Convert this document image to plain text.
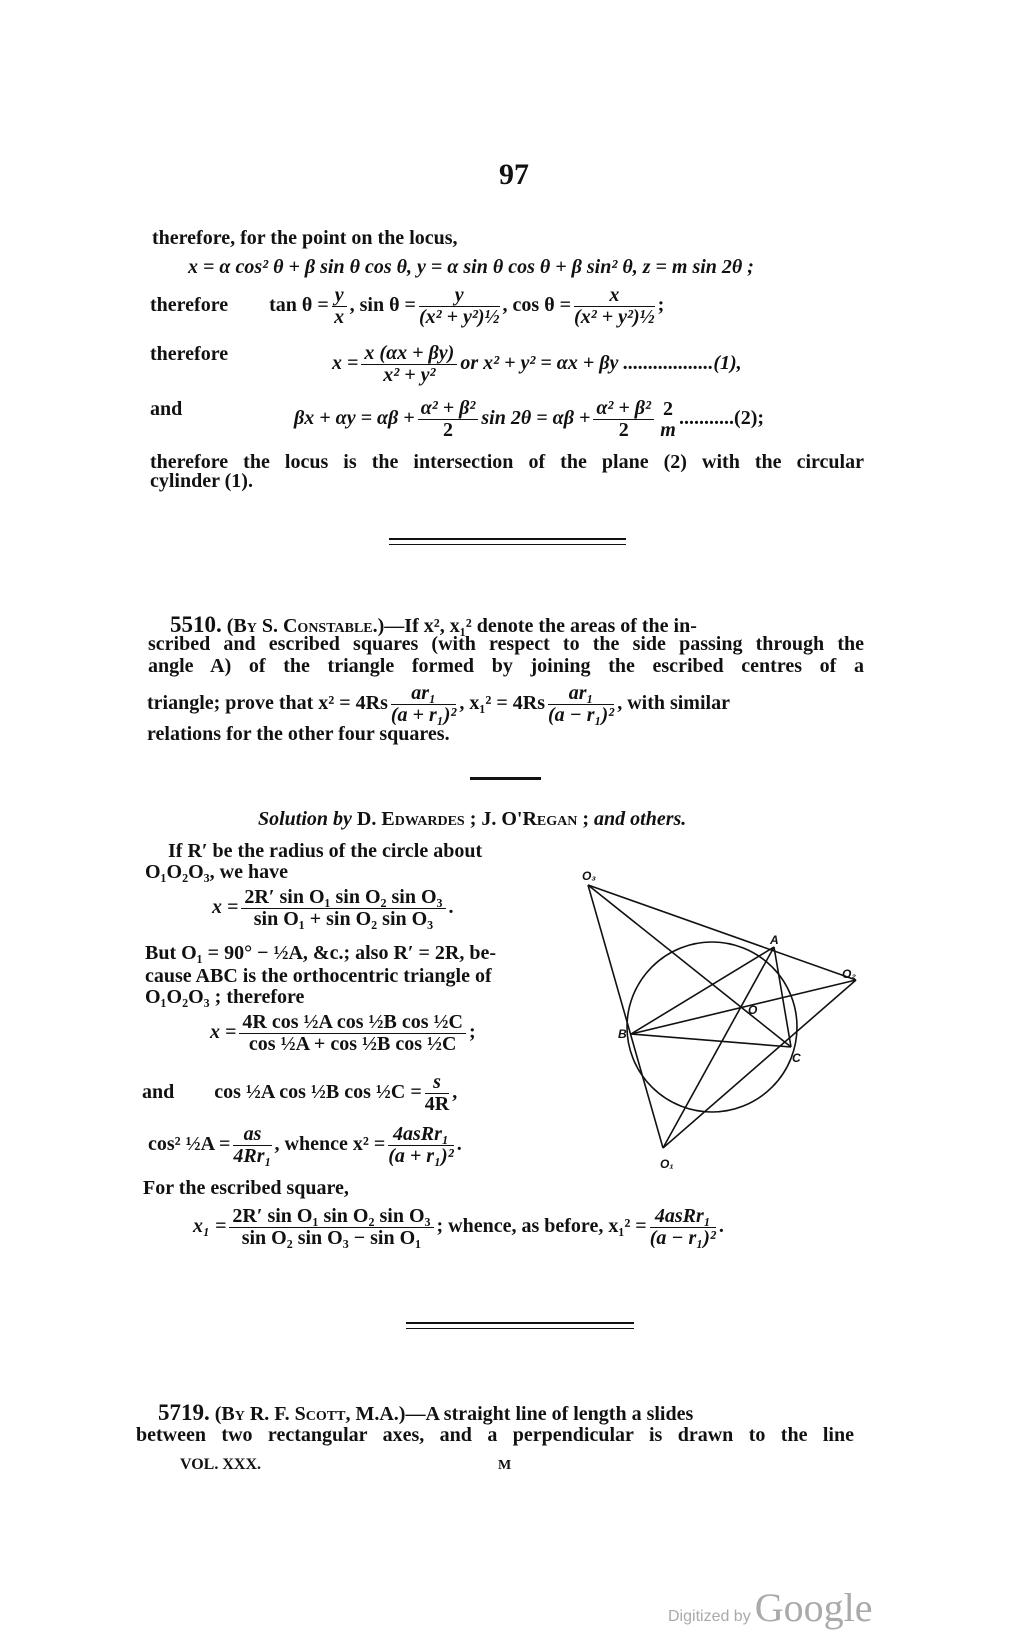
97
therefore, for the point on the locus,
x = α cos² θ + β sin θ cos θ, y = α sin θ cos θ + β sin² θ, z = m sin 2θ ;
therefore $\tan \theta = \frac{y}{x}$ , $\sin \theta = \frac{y}{\text{(x² + y²)½}}$ , $\cos \theta = \frac{x}{\text{(x² + y²)½}}$ ;
therefore	$x = \frac{x (\alpha x + \beta y)}{\text{x² + y²}}$ or x² + y² = αx + βy ..................(1),
and	$\beta x + \alpha y = \alpha\beta + \frac{\text{α² + β²}}{2}$ $\sin 2\theta = \alpha\beta + \frac{\text{α² + β²}}{2} 2$
m
...........(2);
therefore the locus is the intersection of the plane (2) with the circular
cylinder (1).
5510. (By S. Constable.)—If x², x₁² denote the areas of the in-
scribed and escribed squares (with respect to the side passing through the
angle A) of the triangle formed by joining the escribed centres of a
triangle; prove that $x^2 = 4Rs \frac{\text{ar₁}}{\text{(a + r₁)²}}$ , $x_1^2 = 4Rs \frac{\text{ar₁}}{\text{(a − r₁)²}}$ , with similar
relations for the other four squares.
Solution by D. Edwardes ; J. O'Regan ; and others.
If R′ be the radius of the circle about
O₁O₂O₃, we have
$x = \frac{\text{2R′ sin O₁ sin O₂ sin O₃}}{\text{sin O₁ + sin O₂ sin O₃}}$ .
But O₁ = 90° − ½A, &c.; also R′ = 2R, be-
cause ABC is the orthocentric triangle of
O₁O₂O₃ ; therefore
$x = \frac{\text{4R cos ½A cos ½B cos ½C}}{\text{cos ½A + cos ½B cos ½C}}$ ;
and cos ½A cos ½B cos ½C = $\frac{s}{4R}$ ,
cos² ½A = $\frac{as}{\text{4Rr₁}}$ , whence $x^2 = \frac{\text{4asRr₁}}{\text{(a + r₁)²}}$ .
For the escribed square,
$x_1 = \frac{\text{2R′ sin O₁ sin O₂ sin O₃}}{\text{sin O₂ sin O₃ − sin O₁}}$ ; whence, as before, $x_1^2 = \frac{\text{4asRr₁}}{\text{(a − r₁)²}}$ .
O₃
A
O₂
B
C
O₁
O
5719. (By R. F. Scott, M.A.)—A straight line of length a slides
between two rectangular axes, and a perpendicular is drawn to the line
VOL. XXX.	M
Digitized by Google
